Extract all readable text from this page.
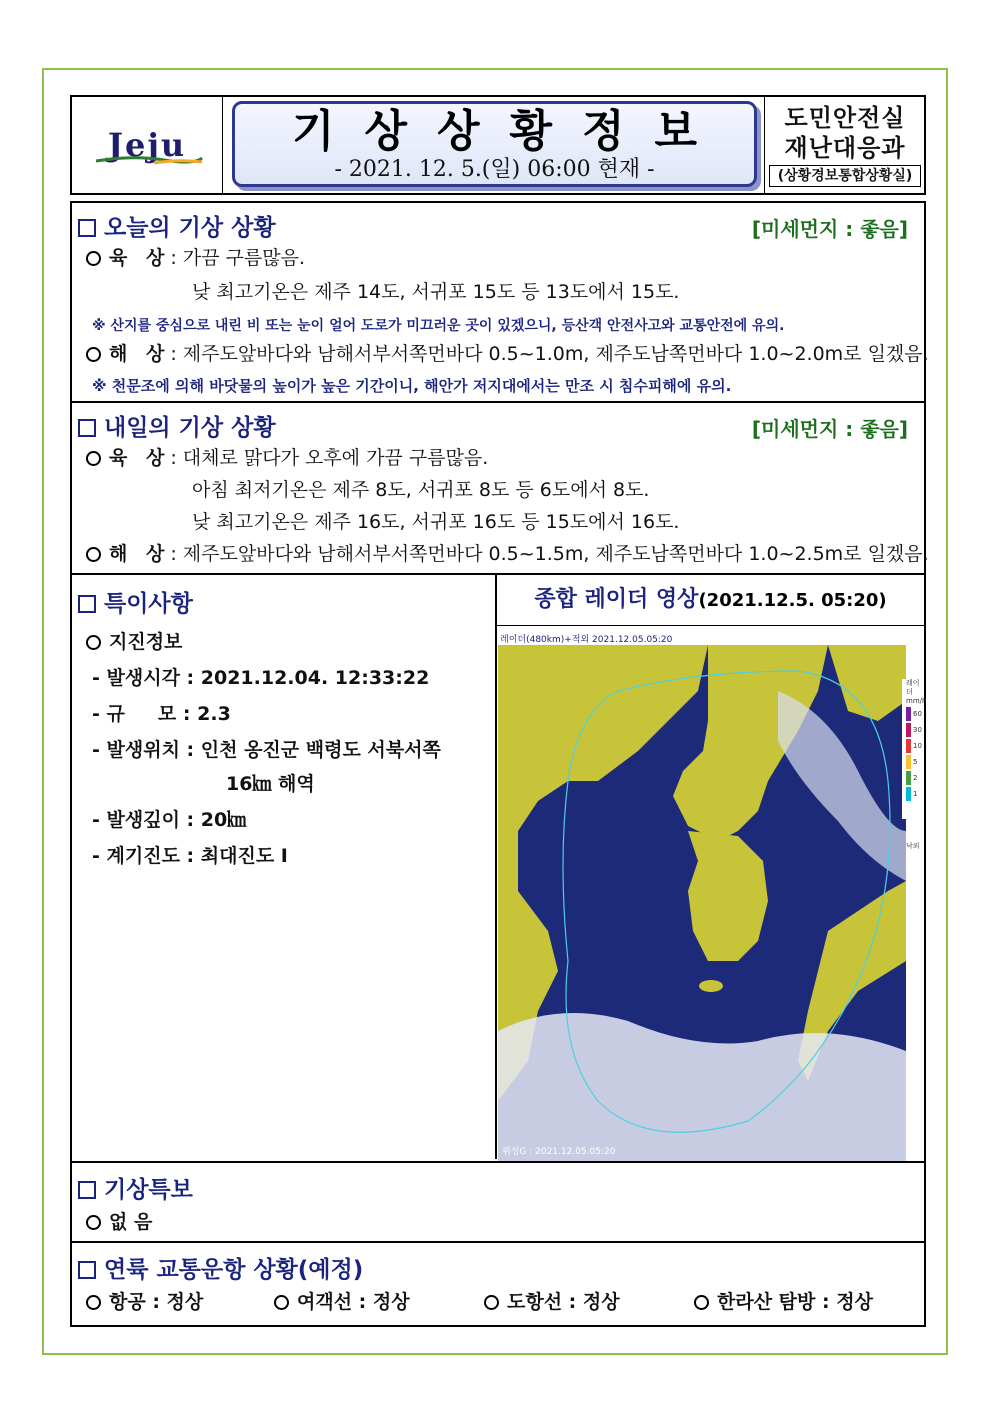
Jeju	기상상황정보
- 2021. 12. 5.(일) 06:00 현재 -
도민안전실
재난대응과
(상황경보통합상황실)
오늘의 기상 상황	[미세먼지 : 좋음]
육 상: 가끔 구름많음.
낮 최고기온은 제주 14도, 서귀포 15도 등 13도에서 15도.
※ 산지를 중심으로 내린 비 또는 눈이 얼어 도로가 미끄러운 곳이 있겠으니, 등산객 안전사고와 교통안전에 유의.
해 상: 제주도앞바다와 남해서부서쪽먼바다 0.5~1.0m, 제주도남쪽먼바다 1.0~2.0m로 일겠음.
※ 천문조에 의해 바닷물의 높이가 높은 기간이니, 해안가 저지대에서는 만조 시 침수피해에 유의.
내일의 기상 상황	[미세먼지 : 좋음]
육 상: 대체로 맑다가 오후에 가끔 구름많음.
아침 최저기온은 제주 8도, 서귀포 8도 등 6도에서 8도.
낮 최고기온은 제주 16도, 서귀포 16도 등 15도에서 16도.
해 상: 제주도앞바다와 남해서부서쪽먼바다 0.5~1.5m, 제주도남쪽먼바다 1.0~2.5m로 일겠음.
특이사항
지진정보
- 발생시각 : 2021.12.04. 12:33:22
- 규     모 : 2.3
- 발생위치 : 인천 옹진군 백령도 서북서쪽
16㎞ 해역
- 발생깊이 : 20㎞
- 계기진도 : 최대진도 Ⅰ
종합 레이더 영상(2021.12.5. 05:20)
레이더(480km)+적외 2021.12.05.05:20
위성G : 2021.12.05.05:20
레이더
mm/h
60
30
10
5
2
1
낙뢰
기상특보
없 음
연륙 교통운항 상황(예정)
항공 : 정상	여객선 : 정상	도항선 : 정상	한라산 탐방 : 정상
